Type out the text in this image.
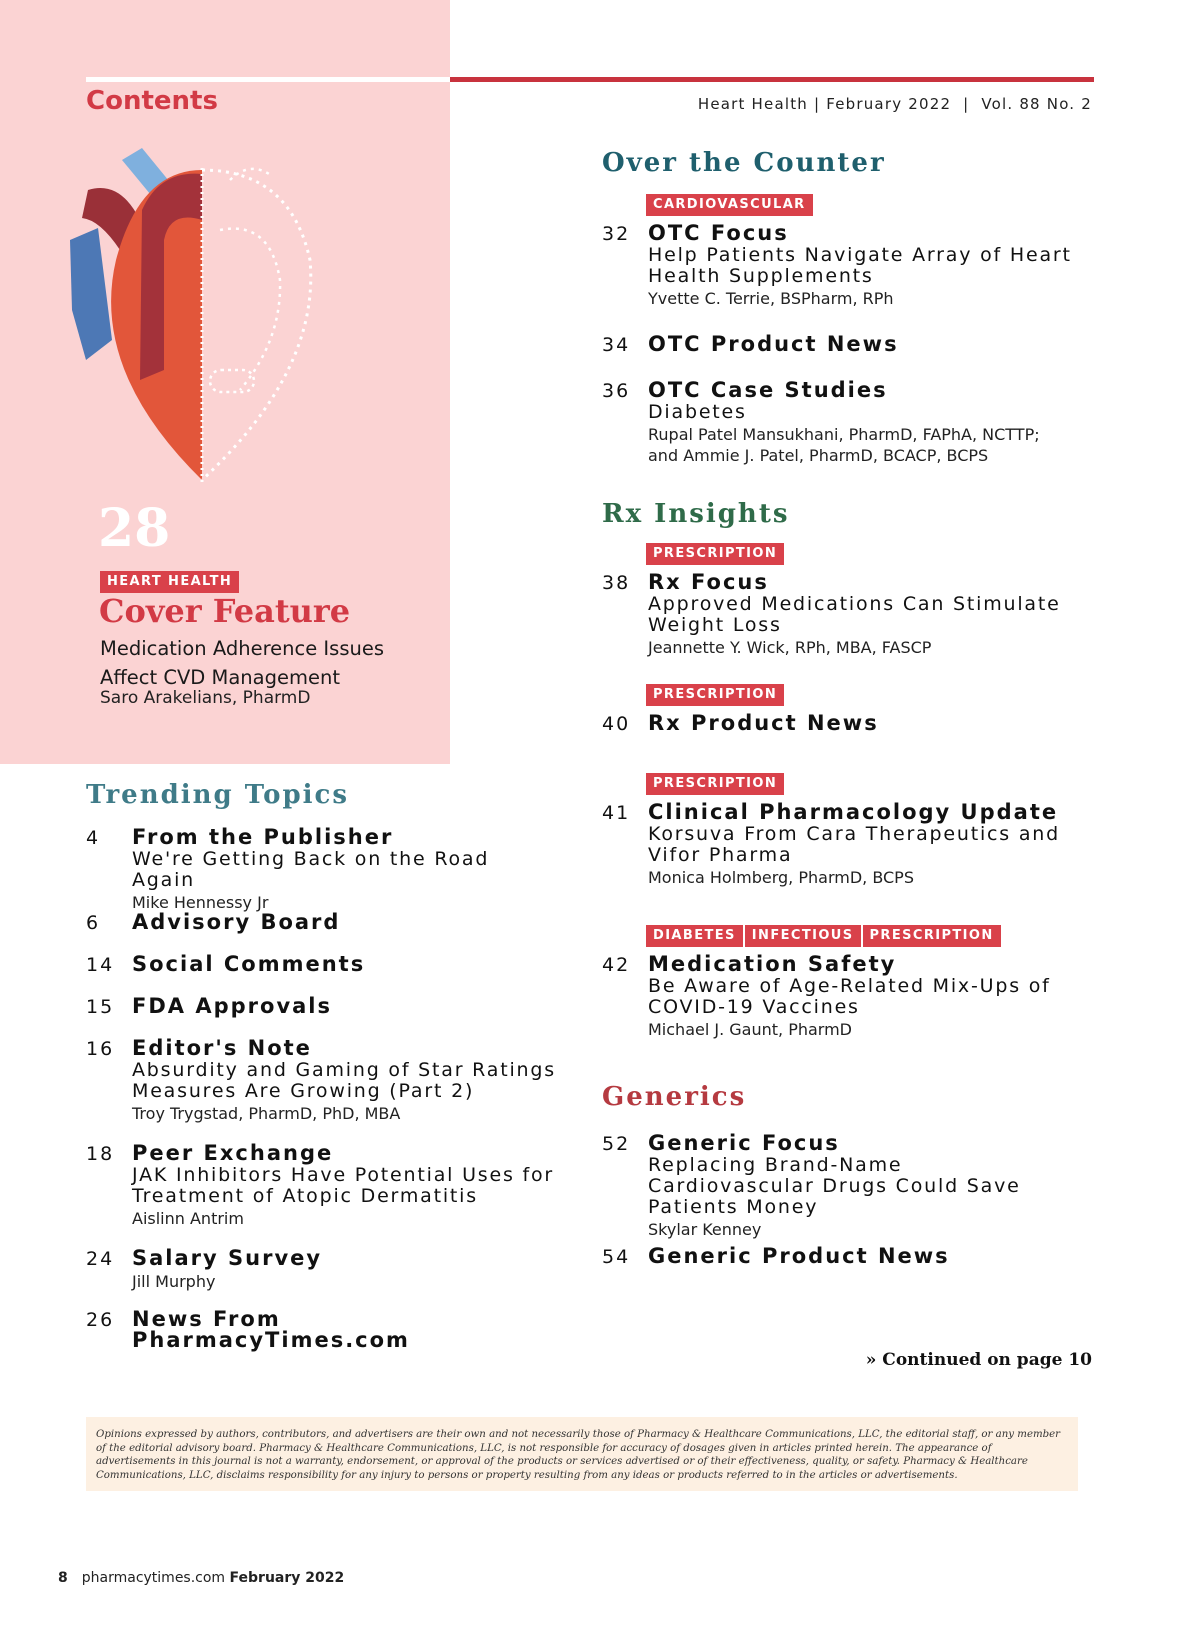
Contents	Heart Health | February 2022  |  Vol. 88 No. 2
28
HEART HEALTH
Cover Feature
Medication Adherence Issues Affect CVD Management
Saro Arakelians, PharmD
Trending Topics
Over the Counter
Rx Insights
Generics
4	From the Publisher
We're Getting Back on the Road Again
Mike Hennessy Jr
6	Advisory Board
14 Social Comments
15 FDA Approvals
16 Editor's Note
Absurdity and Gaming of Star Ratings Measures Are Growing (Part 2)
Troy Trygstad, PharmD, PhD, MBA
18 Peer Exchange
JAK Inhibitors Have Potential Uses for Treatment of Atopic Dermatitis
Aislinn Antrim
24 Salary Survey
Jill Murphy
26 News From PharmacyTimes.com
CARDIOVASCULAR
32 OTC Focus
Help Patients Navigate Array of Heart Health Supplements
Yvette C. Terrie, BSPharm, RPh
34 OTC Product News
36 OTC Case Studies
Diabetes
Rupal Patel Mansukhani, PharmD, FAPhA, NCTTP; and Ammie J. Patel, PharmD, BCACP, BCPS
PRESCRIPTION
38 Rx Focus
Approved Medications Can Stimulate Weight Loss
Jeannette Y. Wick, RPh, MBA, FASCP
PRESCRIPTION
40 Rx Product News
PRESCRIPTION
41 Clinical Pharmacology Update
Korsuva From Cara Therapeutics and Vifor Pharma
Monica Holmberg, PharmD, BCPS
DIABETES INFECTIOUS PRESCRIPTION
42 Medication Safety
Be Aware of Age-Related Mix-Ups of COVID-19 Vaccines
Michael J. Gaunt, PharmD
52 Generic Focus
Replacing Brand-Name Cardiovascular Drugs Could Save Patients Money
Skylar Kenney
54 Generic Product News
» Continued on page 10
Opinions expressed by authors, contributors, and advertisers are their own and not necessarily those of Pharmacy & Healthcare Communications, LLC, the editorial staff, or any member of the editorial advisory board. Pharmacy & Healthcare Communications, LLC, is not responsible for accuracy of dosages given in articles printed herein. The appearance of advertisements in this journal is not a warranty, endorsement, or approval of the products or services advertised or of their effectiveness, quality, or safety. Pharmacy & Healthcare Communications, LLC, disclaims responsibility for any injury to persons or property resulting from any ideas or products referred to in the articles or advertisements.
8 pharmacytimes.com February 2022
